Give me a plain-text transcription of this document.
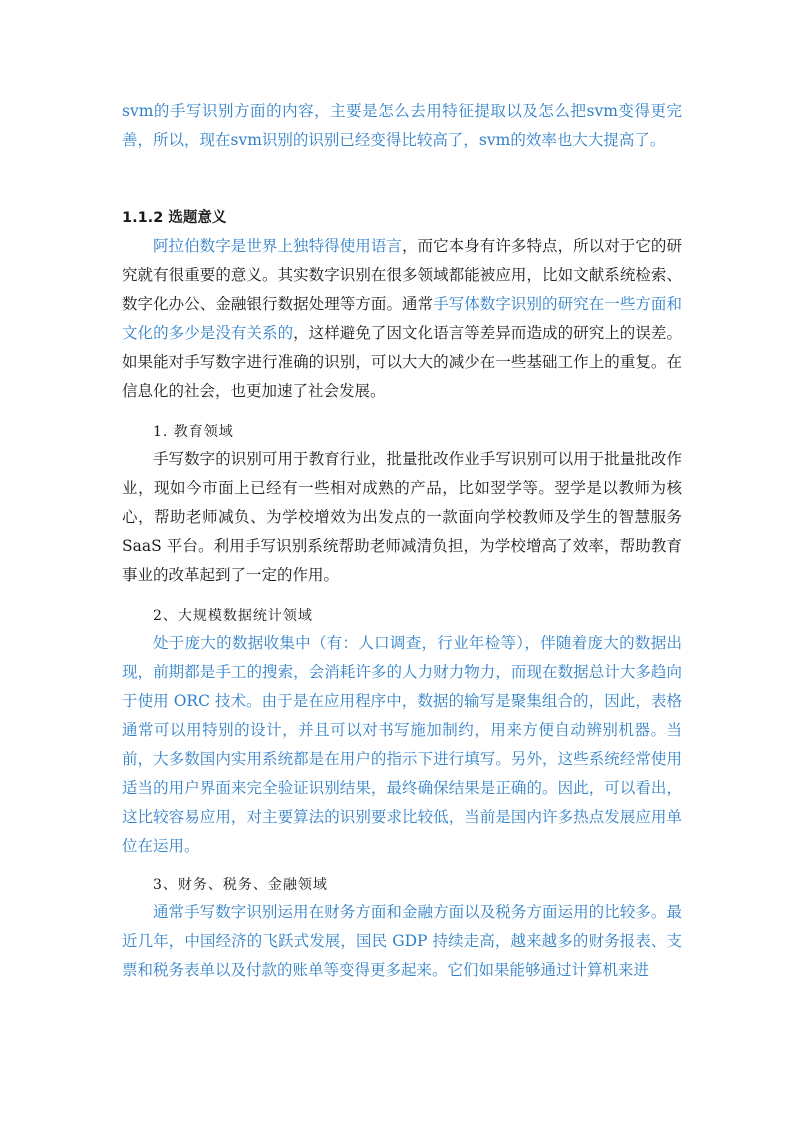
svm的手写识别方面的内容，主要是怎么去用特征提取以及怎么把svm变得更完善，所以，现在svm识别的识别已经变得比较高了，svm的效率也大大提高了。

1.1.2 选题意义

阿拉伯数字是世界上独特得使用语言，而它本身有许多特点，所以对于它的研究就有很重要的意义。其实数字识别在很多领域都能被应用，比如文献系统检索、数字化办公、金融银行数据处理等方面。通常手写体数字识别的研究在一些方面和文化的多少是没有关系的，这样避免了因文化语言等差异而造成的研究上的误差。如果能对手写数字进行准确的识别，可以大大的减少在一些基础工作上的重复。在信息化的社会，也更加速了社会发展。

1. 教育领域

手写数字的识别可用于教育行业，批量批改作业手写识别可以用于批量批改作业，现如今市面上已经有一些相对成熟的产品，比如翌学等。翌学是以教师为核心，帮助老师减负、为学校增效为出发点的一款面向学校教师及学生的智慧服务 SaaS 平台。利用手写识别系统帮助老师减清负担，为学校增高了效率，帮助教育事业的改革起到了一定的作用。

2、大规模数据统计领域

处于庞大的数据收集中（有：人口调查，行业年检等），伴随着庞大的数据出现，前期都是手工的搜索，会消耗许多的人力财力物力，而现在数据总计大多趋向于使用 ORC 技术。由于是在应用程序中，数据的输写是聚集组合的，因此，表格通常可以用特别的设计，并且可以对书写施加制约，用来方便自动辨别机器。当前，大多数国内实用系统都是在用户的指示下进行填写。另外，这些系统经常使用适当的用户界面来完全验证识别结果，最终确保结果是正确的。因此，可以看出，这比较容易应用，对主要算法的识别要求比较低，当前是国内许多热点发展应用单位在运用。

3、财务、税务、金融领域

通常手写数字识别运用在财务方面和金融方面以及税务方面运用的比较多。最近几年，中国经济的飞跃式发展，国民 GDP 持续走高，越来越多的财务报表、支票和税务表单以及付款的账单等变得更多起来。它们如果能够通过计算机来进
